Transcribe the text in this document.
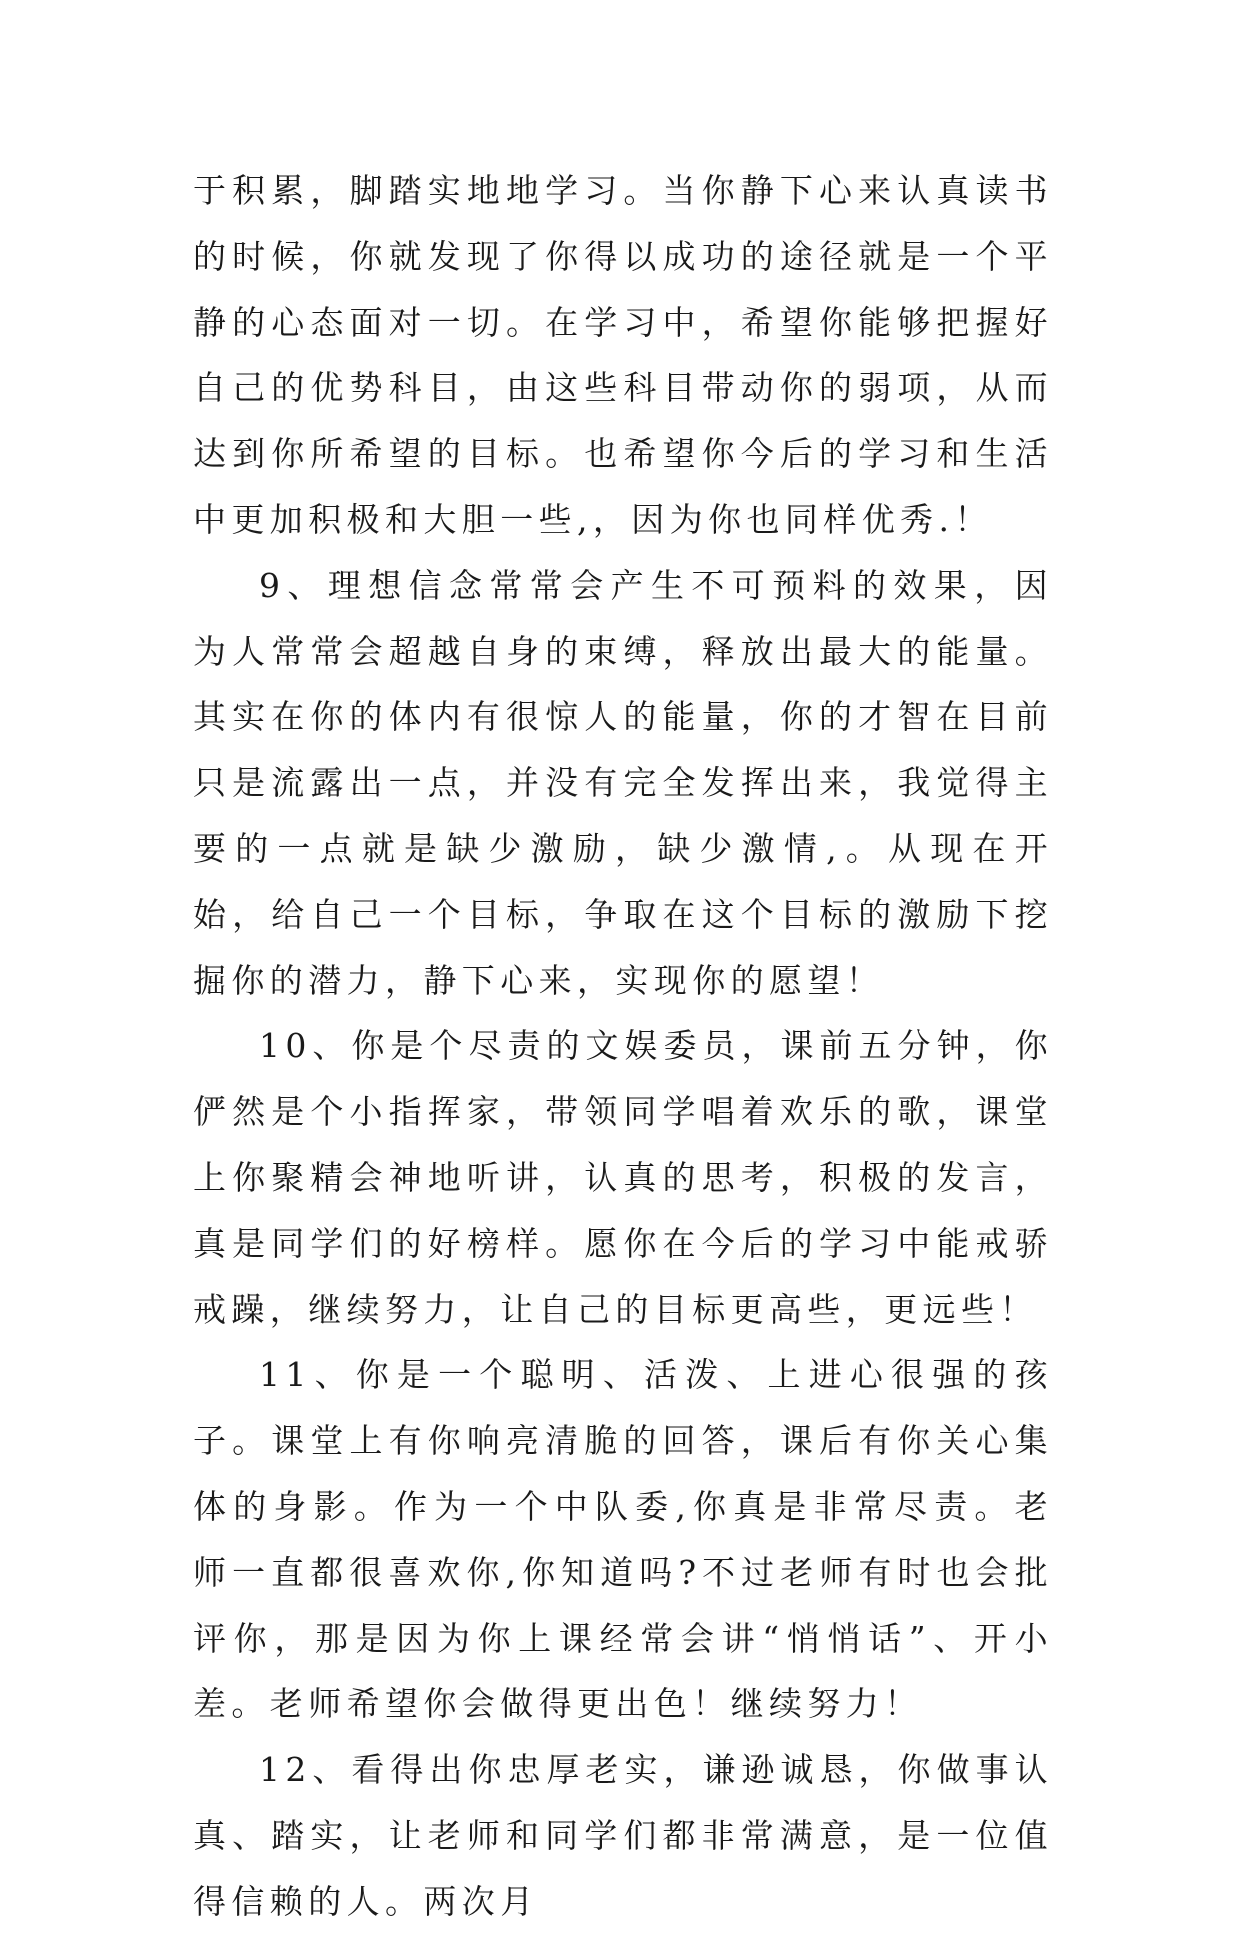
于积累，脚踏实地地学习。当你静下心来认真读书的时候，你就发现了你得以成功的途径就是一个平静的心态面对一切。在学习中，希望你能够把握好自己的优势科目，由这些科目带动你的弱项，从而达到你所希望的目标。也希望你今后的学习和生活中更加积极和大胆一些,，因为你也同样优秀.！

9、理想信念常常会产生不可预料的效果，因为人常常会超越自身的束缚，释放出最大的能量。其实在你的体内有很惊人的能量，你的才智在目前只是流露出一点，并没有完全发挥出来，我觉得主要的一点就是缺少激励，缺少激情,。从现在开始，给自己一个目标，争取在这个目标的激励下挖掘你的潜力，静下心来，实现你的愿望！

10、你是个尽责的文娱委员，课前五分钟，你俨然是个小指挥家，带领同学唱着欢乐的歌，课堂上你聚精会神地听讲，认真的思考，积极的发言，真是同学们的好榜样。愿你在今后的学习中能戒骄戒躁，继续努力，让自己的目标更高些，更远些！

11、你是一个聪明、活泼、上进心很强的孩子。课堂上有你响亮清脆的回答，课后有你关心集体的身影。作为一个中队委,你真是非常尽责。老师一直都很喜欢你,你知道吗?不过老师有时也会批评你，那是因为你上课经常会讲“悄悄话”、开小差。老师希望你会做得更出色！继续努力！

12、看得出你忠厚老实，谦逊诚恳，你做事认真、踏实，让老师和同学们都非常满意，是一位值得信赖的人。两次月
